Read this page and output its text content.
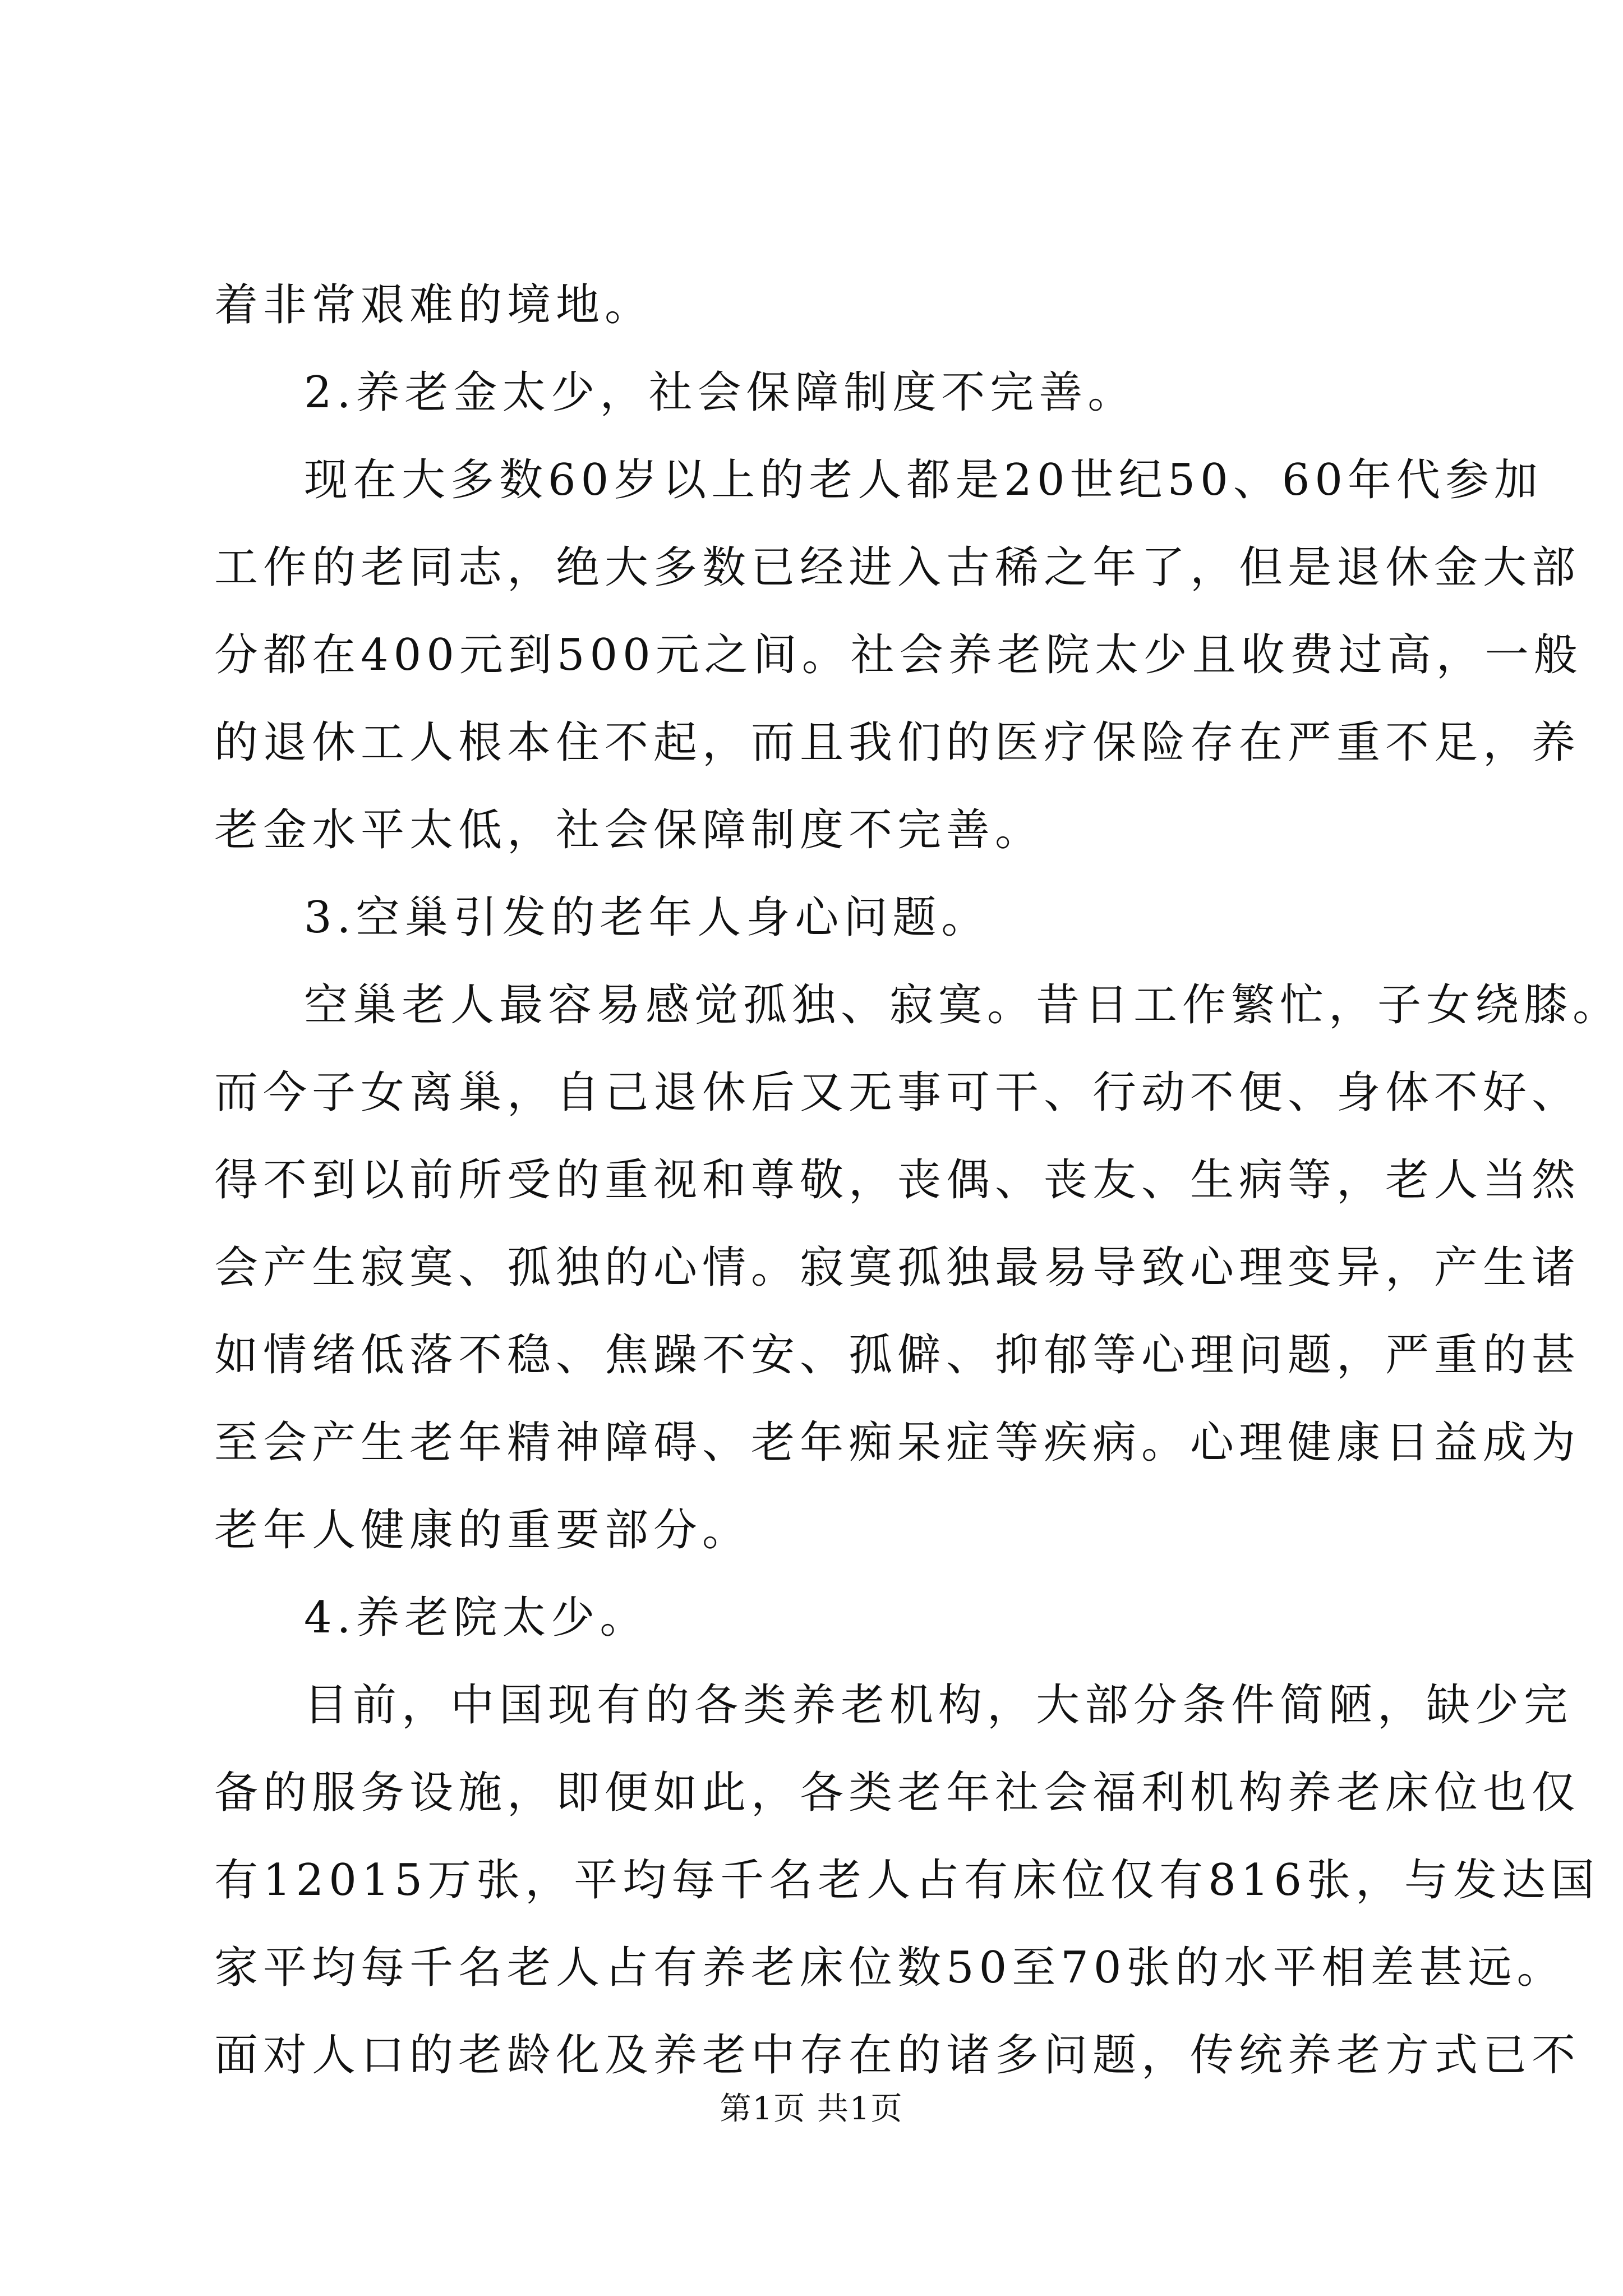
着非常艰难的境地。
2.养老金太少，社会保障制度不完善。
现在大多数60岁以上的老人都是20世纪50、60年代参加
工作的老同志，绝大多数已经进入古稀之年了，但是退休金大部
分都在400元到500元之间。社会养老院太少且收费过高，一般
的退休工人根本住不起，而且我们的医疗保险存在严重不足，养
老金水平太低，社会保障制度不完善。
3.空巢引发的老年人身心问题。
空巢老人最容易感觉孤独、寂寞。昔日工作繁忙，子女绕膝。
而今子女离巢，自己退休后又无事可干、行动不便、身体不好、
得不到以前所受的重视和尊敬，丧偶、丧友、生病等，老人当然
会产生寂寞、孤独的心情。寂寞孤独最易导致心理变异，产生诸
如情绪低落不稳、焦躁不安、孤僻、抑郁等心理问题，严重的甚
至会产生老年精神障碍、老年痴呆症等疾病。心理健康日益成为
老年人健康的重要部分。
4.养老院太少。
目前，中国现有的各类养老机构，大部分条件简陋，缺少完
备的服务设施，即便如此，各类老年社会福利机构养老床位也仅
有12015万张，平均每千名老人占有床位仅有816张，与发达国
家平均每千名老人占有养老床位数50至70张的水平相差甚远。
面对人口的老龄化及养老中存在的诸多问题，传统养老方式已不
第1页 共1页
